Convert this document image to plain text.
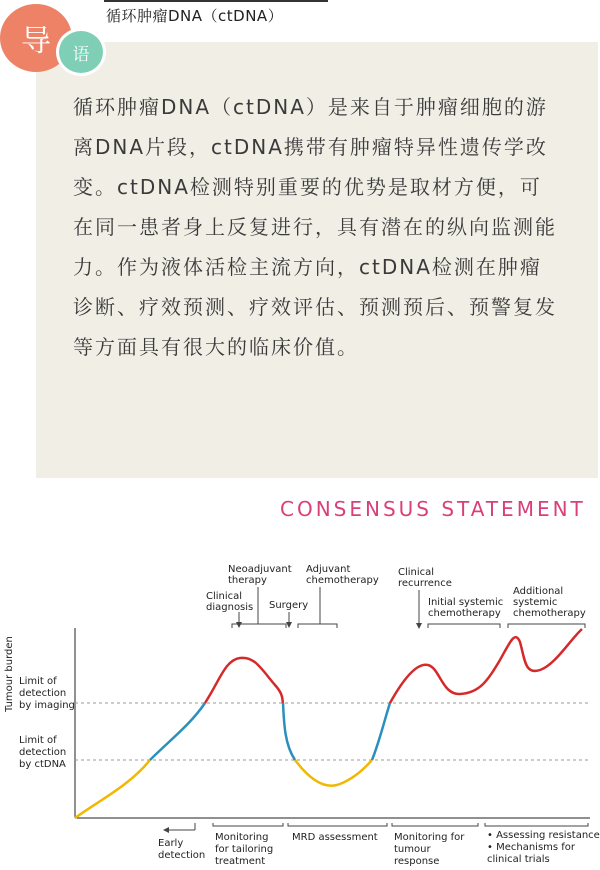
循环肿瘤DNA（ctDNA）
导	语
循环肿瘤DNA（ctDNA）是来自于肿瘤细胞的游离DNA片段，ctDNA携带有肿瘤特异性遗传学改变。ctDNA检测特别重要的优势是取材方便，可在同一患者身上反复进行，具有潜在的纵向监测能力。作为液体活检主流方向，ctDNA检测在肿瘤诊断、疗效预测、疗效评估、预测预后、预警复发等方面具有很大的临床价值。
CONSENSUS STATEMENT
Tumour burden Limit of detection by imaging
Limit of detection by ctDNA
Neoadjuvant therapy
Adjuvant chemotherapy
Clinical diagnosis Surgery
Clinical recurrence
Initial systemic chemotherapy
Additional systemic chemotherapy
Early detection
Monitoring for tailoring treatment
MRD assessment Monitoring for tumour response
• Assessing resistance • Mechanisms for clinical trials
